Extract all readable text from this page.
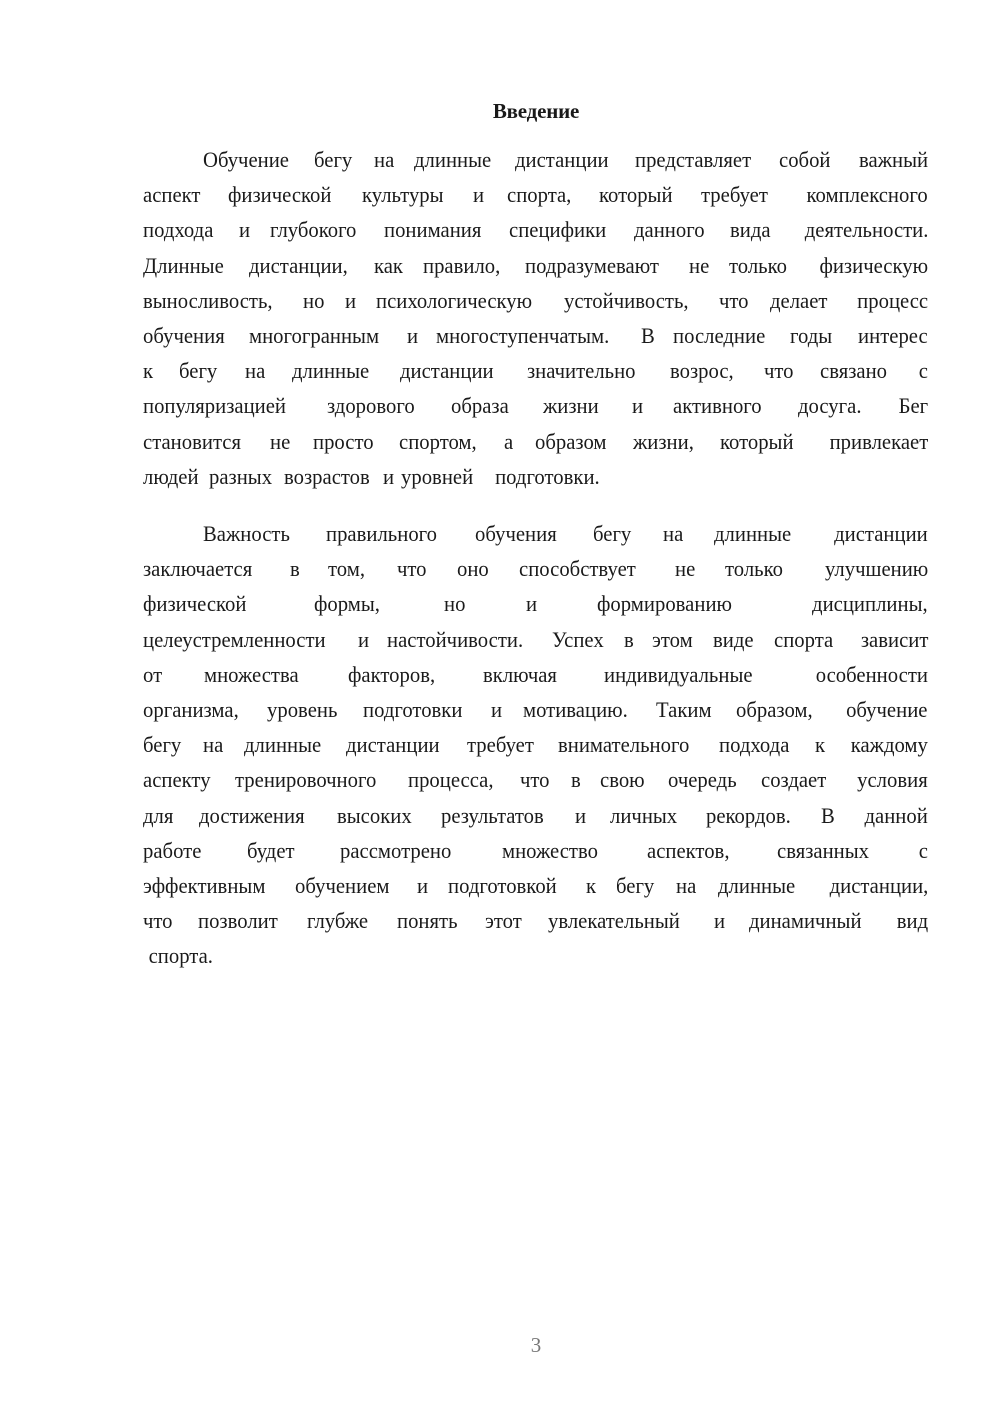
Введение
Обучение бегу на длинные дистанции представляет собой важный
аспект физической культуры и спорта, который требует комплексного
подхода и глубокого понимания специфики данного вида деятельности.
Длинные дистанции, как правило, подразумевают не только физическую
выносливость, но и психологическую устойчивость, что делает процесс
обучения многогранным и многоступенчатым. В последние годы интерес
к бегу на длинные дистанции значительно возрос, что связано с
популяризацией здорового образа жизни и активного досуга. Бег
становится не просто спортом, а образом жизни, который привлекает
людей разных возрастов и уровней подготовки.
Важность правильного обучения бегу на длинные дистанции
заключается в том, что оно способствует не только улучшению
физической	формы,	но	и	формированию	дисциплины,
целеустремленности и настойчивости. Успех в этом виде спорта зависит
от множества факторов, включая индивидуальные	особенности
организма, уровень подготовки и мотивацию. Таким образом, обучение
бегу на длинные дистанции требует внимательного подхода к каждому
аспекту тренировочного процесса, что в свою очередь создает условия
для достижения высоких результатов и личных рекордов. В данной
работе будет рассмотрено множество аспектов, связанных с
эффективным обучением и подготовкой к бегу на длинные дистанции,
что позволит глубже понять этот увлекательный и динамичный вид
спорта.
3
